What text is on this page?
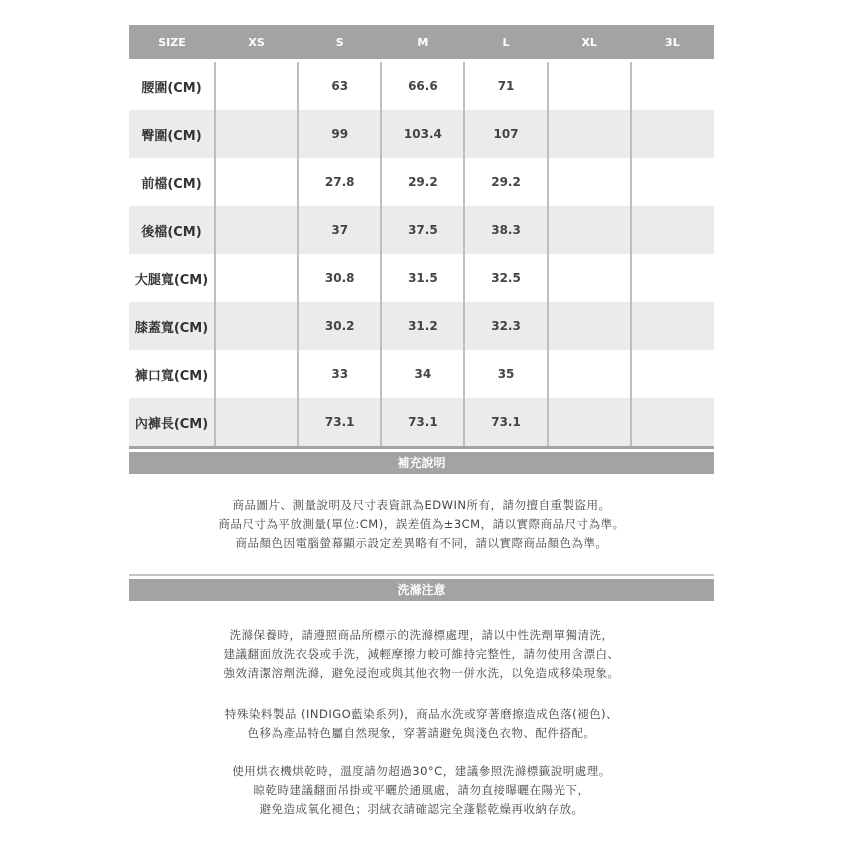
SIZE	XS	S	M	L	XL	3L
腰圍(CM)		63	66.6	71		
臀圍(CM)		99	103.4	107		
前檔(CM)		27.8	29.2	29.2		
後檔(CM)		37	37.5	38.3		
大腿寬(CM)		30.8	31.5	32.5		
膝蓋寬(CM)		30.2	31.2	32.3		
褲口寬(CM)		33	34	35		
內褲長(CM)		73.1	73.1	73.1		
補充說明
商品圖片、測量說明及尺寸表資訊為EDWIN所有，請勿擅自重製盜用。
商品尺寸為平放測量(單位:CM)，誤差值為±3CM，請以實際商品尺寸為準。
商品顏色因電腦螢幕顯示設定差異略有不同，請以實際商品顏色為準。
洗滌注意
洗滌保養時，請遵照商品所標示的洗滌標處理，請以中性洗劑單獨清洗，
建議翻面放洗衣袋或手洗，減輕摩擦力較可維持完整性，請勿使用含漂白、
強效清潔溶劑洗滌，避免浸泡或與其他衣物一併水洗，以免造成移染現象。
特殊染料製品 (INDIGO藍染系列)，商品水洗或穿著磨擦造成色落(褪色)、
色移為產品特色屬自然現象，穿著請避免與淺色衣物、配件搭配。
使用烘衣機烘乾時，溫度請勿超過30°C，建議參照洗滌標籤說明處理。
晾乾時建議翻面吊掛或平曬於通風處，請勿直接曝曬在陽光下，
避免造成氧化褪色；羽絨衣請確認完全蓬鬆乾燥再收納存放。
